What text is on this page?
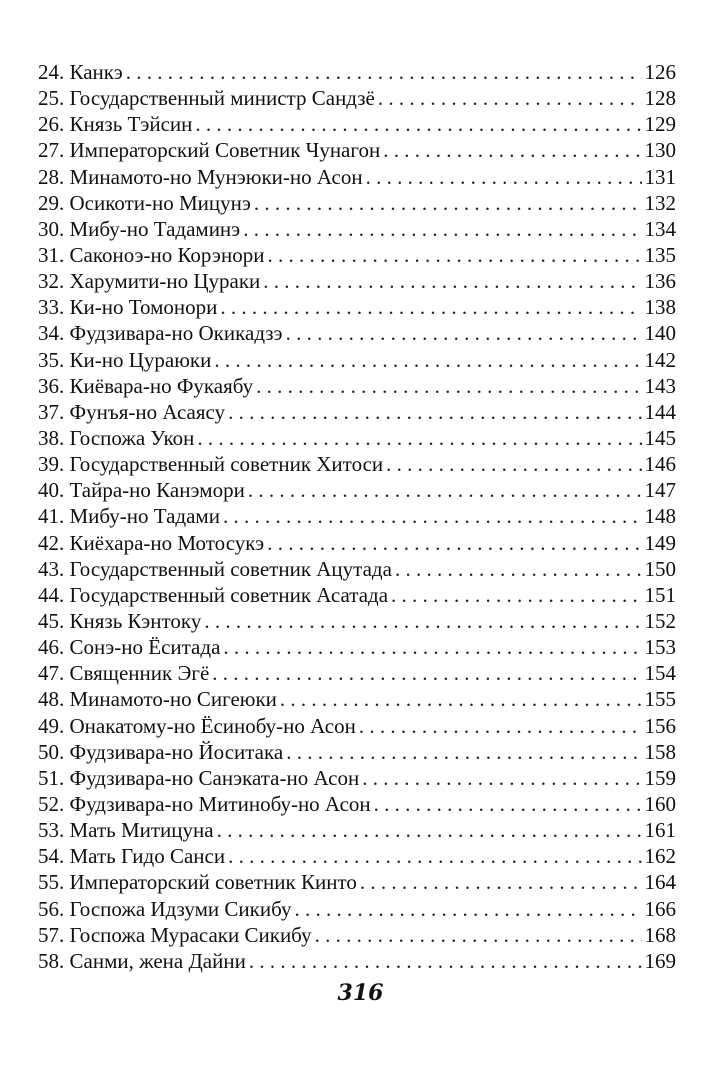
24. Канкэ . . .	126
25. Государственный министр Сандзё . . .	128
26. Князь Тэйсин . . .	129
27. Императорский Советник Чунагон . . .	130
28. Минамото-но Мунэюки-но Асон . . .	131
29. Осикоти-но Мицунэ . . .	132
30. Мибу-но Тадаминэ . . .	134
31. Саконоэ-но Корэнори . . .	135
32. Харумити-но Цураки . . .	136
33. Ки-но Томонори . . .	138
34. Фудзивара-но Окикадзэ . . .	140
35. Ки-но Цураюки . . .	142
36. Киёвара-но Фукаябу . . .	143
37. Фунъя-но Асаясу . . .	144
38. Госпожа Укон . . .	145
39. Государственный советник Хитоси . . .	146
40. Тайра-но Канэмори . . .	147
41. Мибу-но Тадами . . .	148
42. Киёхара-но Мотосукэ . . .	149
43. Государственный советник Ацутада . . .	150
44. Государственный советник Асатада . . .	151
45. Князь Кэнтоку . . .	152
46. Сонэ-но Ёситада . . .	153
47. Священник Эгё . . .	154
48. Минамото-но Сигеюки . . .	155
49. Онакатому-но Ёсинобу-но Асон . . .	156
50. Фудзивара-но Йоситака . . .	158
51. Фудзивара-но Санэката-но Асон . . .	159
52. Фудзивара-но Митинобу-но Асон . . .	160
53. Мать Митицуна . . .	161
54. Мать Гидо Санси . . .	162
55. Императорский советник Кинто . . .	164
56. Госпожа Идзуми Сикибу . . .	166
57. Госпожа Мурасаки Сикибу . . .	168
58. Санми, жена Дайни . . .	169
316
